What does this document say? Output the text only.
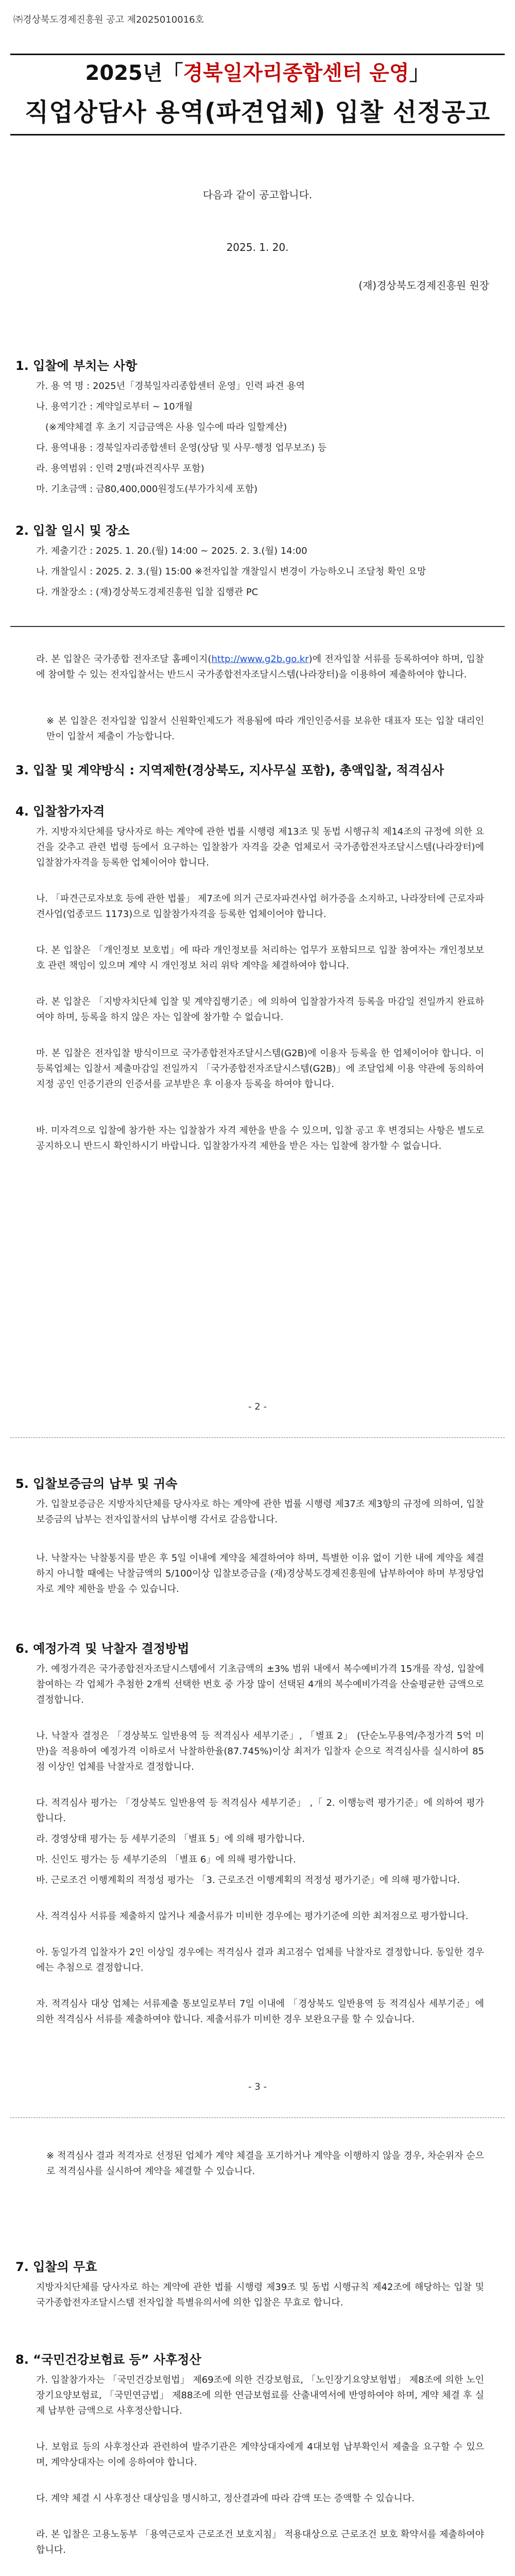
㈜경상북도경제진흥원 공고 제2025010016호
2025년「경북일자리종합센터 운영」
직업상담사 용역(파견업체) 입찰 선정공고
다음과 같이 공고합니다.
2025. 1. 20.
(재)경상북도경제진흥원 원장
1. 입찰에 부치는 사항
가. 용 역 명 : 2025년「경북일자리종합센터 운영」인력 파견 용역
나. 용역기간 : 계약일로부터 ~ 10개월
(※계약체결 후 초기 지급금액은 사용 일수에 따라 일할계산)
다. 용역내용 : 경북일자리종합센터 운영(상담 및 사무·행정 업무보조) 등
라. 용역범위 : 인력 2명(파견직사무 포함)
마. 기초금액 : 금80,400,000원정도(부가가치세 포함)
2. 입찰 일시 및 장소
가. 제출기간 : 2025. 1. 20.(월) 14:00 ~ 2025. 2. 3.(월) 14:00
나. 개찰일시 : 2025. 2. 3.(월) 15:00 ※전자입찰 개찰일시 변경이 가능하오니 조달청 확인 요망
다. 개찰장소 : (재)경상북도경제진흥원 입찰 집행관 PC
라. 본 입찰은 국가종합 전자조달 홈페이지(http://www.g2b.go.kr)에 전자입찰 서류를 등록하여야 하며, 입찰에 참여할 수 있는 전자입찰서는 반드시 국가종합전자조달시스템(나라장터)을 이용하여 제출하여야 합니다.
※ 본 입찰은 전자입찰 입찰서 신원확인제도가 적용됨에 따라 개인인증서를 보유한 대표자 또는 입찰 대리인만이 입찰서 제출이 가능합니다.
3. 입찰 및 계약방식 : 지역제한(경상북도, 지사무실 포함), 총액입찰, 적격심사
4. 입찰참가자격
가. 지방자치단체를 당사자로 하는 계약에 관한 법률 시행령 제13조 및 동법 시행규칙 제14조의 규정에 의한 요건을 갖추고 관련 법령 등에서 요구하는 입찰참가 자격을 갖춘 업체로서 국가종합전자조달시스템(나라장터)에 입찰참가자격을 등록한 업체이어야 합니다.
나. 「파견근로자보호 등에 관한 법률」 제7조에 의거 근로자파견사업 허가증을 소지하고, 나라장터에 근로자파견사업(업종코드 1173)으로 입찰참가자격을 등록한 업체이어야 합니다.
다. 본 입찰은 「개인정보 보호법」에 따라 개인정보를 처리하는 업무가 포함되므로 입찰 참여자는 개인정보보호 관련 책임이 있으며 계약 시 개인정보 처리 위탁 계약을 체결하여야 합니다.
라. 본 입찰은 「지방자치단체 입찰 및 계약집행기준」에 의하여 입찰참가자격 등록을 마감일 전일까지 완료하여야 하며, 등록을 하지 않은 자는 입찰에 참가할 수 없습니다.
마. 본 입찰은 전자입찰 방식이므로 국가종합전자조달시스템(G2B)에 이용자 등록을 한 업체이어야 합니다. 이 등록업체는 입찰서 제출마감일 전일까지 「국가종합전자조달시스템(G2B)」에 조달업체 이용 약관에 동의하여 지정 공인 인증기관의 인증서를 교부받은 후 이용자 등록을 하여야 합니다.
바. 미자격으로 입찰에 참가한 자는 입찰참가 자격 제한을 받을 수 있으며, 입찰 공고 후 변경되는 사항은 별도로 공지하오니 반드시 확인하시기 바랍니다. 입찰참가자격 제한을 받은 자는 입찰에 참가할 수 없습니다.
- 2 -
5. 입찰보증금의 납부 및 귀속
가. 입찰보증금은 지방자치단체를 당사자로 하는 계약에 관한 법률 시행령 제37조 제3항의 규정에 의하여, 입찰보증금의 납부는 전자입찰서의 납부이행 각서로 갈음합니다.
나. 낙찰자는 낙찰통지를 받은 후 5일 이내에 계약을 체결하여야 하며, 특별한 이유 없이 기한 내에 계약을 체결하지 아니할 때에는 낙찰금액의 5/100이상 입찰보증금을 (재)경상북도경제진흥원에 납부하여야 하며 부정당업자로 계약 제한을 받을 수 있습니다.
6. 예정가격 및 낙찰자 결정방법
가. 예정가격은 국가종합전자조달시스템에서 기초금액의 ±3% 범위 내에서 복수예비가격 15개를 작성, 입찰에 참여하는 각 업체가 추첨한 2개씩 선택한 번호 중 가장 많이 선택된 4개의 복수예비가격을 산술평균한 금액으로 결정합니다.
나. 낙찰자 결정은 「경상북도 일반용역 등 적격심사 세부기준」, 「별표 2」 (단순노무용역/추정가격 5억 미만)을 적용하여 예정가격 이하로서 낙찰하한율(87.745%)이상 최저가 입찰자 순으로 적격심사를 실시하여 85점 이상인 업체를 낙찰자로 결정합니다.
다. 적격심사 평가는 「경상북도 일반용역 등 적격심사 세부기준」 ,「 2. 이행능력 평가기준」에 의하여 평가합니다.
라. 경영상태 평가는 등 세부기준의 「별표 5」에 의해 평가합니다.
마. 신인도 평가는 등 세부기준의 「별표 6」에 의해 평가합니다.
바. 근로조건 이행계획의 적정성 평가는 「3. 근로조건 이행계획의 적정성 평가기준」에 의해 평가합니다.
사. 적격심사 서류를 제출하지 않거나 제출서류가 미비한 경우에는 평가기준에 의한 최저점으로 평가합니다.
아. 동일가격 입찰자가 2인 이상일 경우에는 적격심사 결과 최고점수 업체를 낙찰자로 결정합니다. 동일한 경우에는 추첨으로 결정합니다.
자. 적격심사 대상 업체는 서류제출 통보일로부터 7일 이내에 「경상북도 일반용역 등 적격심사 세부기준」에 의한 적격심사 서류를 제출하여야 합니다. 제출서류가 미비한 경우 보완요구를 할 수 있습니다.
- 3 -
※ 적격심사 결과 적격자로 선정된 업체가 계약 체결을 포기하거나 계약을 이행하지 않을 경우, 차순위자 순으로 적격심사를 실시하여 계약을 체결할 수 있습니다.
7. 입찰의 무효
지방자치단체를 당사자로 하는 계약에 관한 법률 시행령 제39조 및 동법 시행규칙 제42조에 해당하는 입찰 및 국가종합전자조달시스템 전자입찰 특별유의서에 의한 입찰은 무효로 합니다.
8. “국민건강보험료 등” 사후정산
가. 입찰참가자는 「국민건강보험법」 제69조에 의한 건강보험료, 「노인장기요양보험법」 제8조에 의한 노인장기요양보험료, 「국민연금법」 제88조에 의한 연금보험료를 산출내역서에 반영하여야 하며, 계약 체결 후 실제 납부한 금액으로 사후정산합니다.
나. 보험료 등의 사후정산과 관련하여 발주기관은 계약상대자에게 4대보험 납부확인서 제출을 요구할 수 있으며, 계약상대자는 이에 응하여야 합니다.
다. 계약 체결 시 사후정산 대상임을 명시하고, 정산결과에 따라 감액 또는 증액할 수 있습니다.
라. 본 입찰은 고용노동부 「용역근로자 근로조건 보호지침」 적용대상으로 근로조건 보호 확약서를 제출하여야 합니다.
